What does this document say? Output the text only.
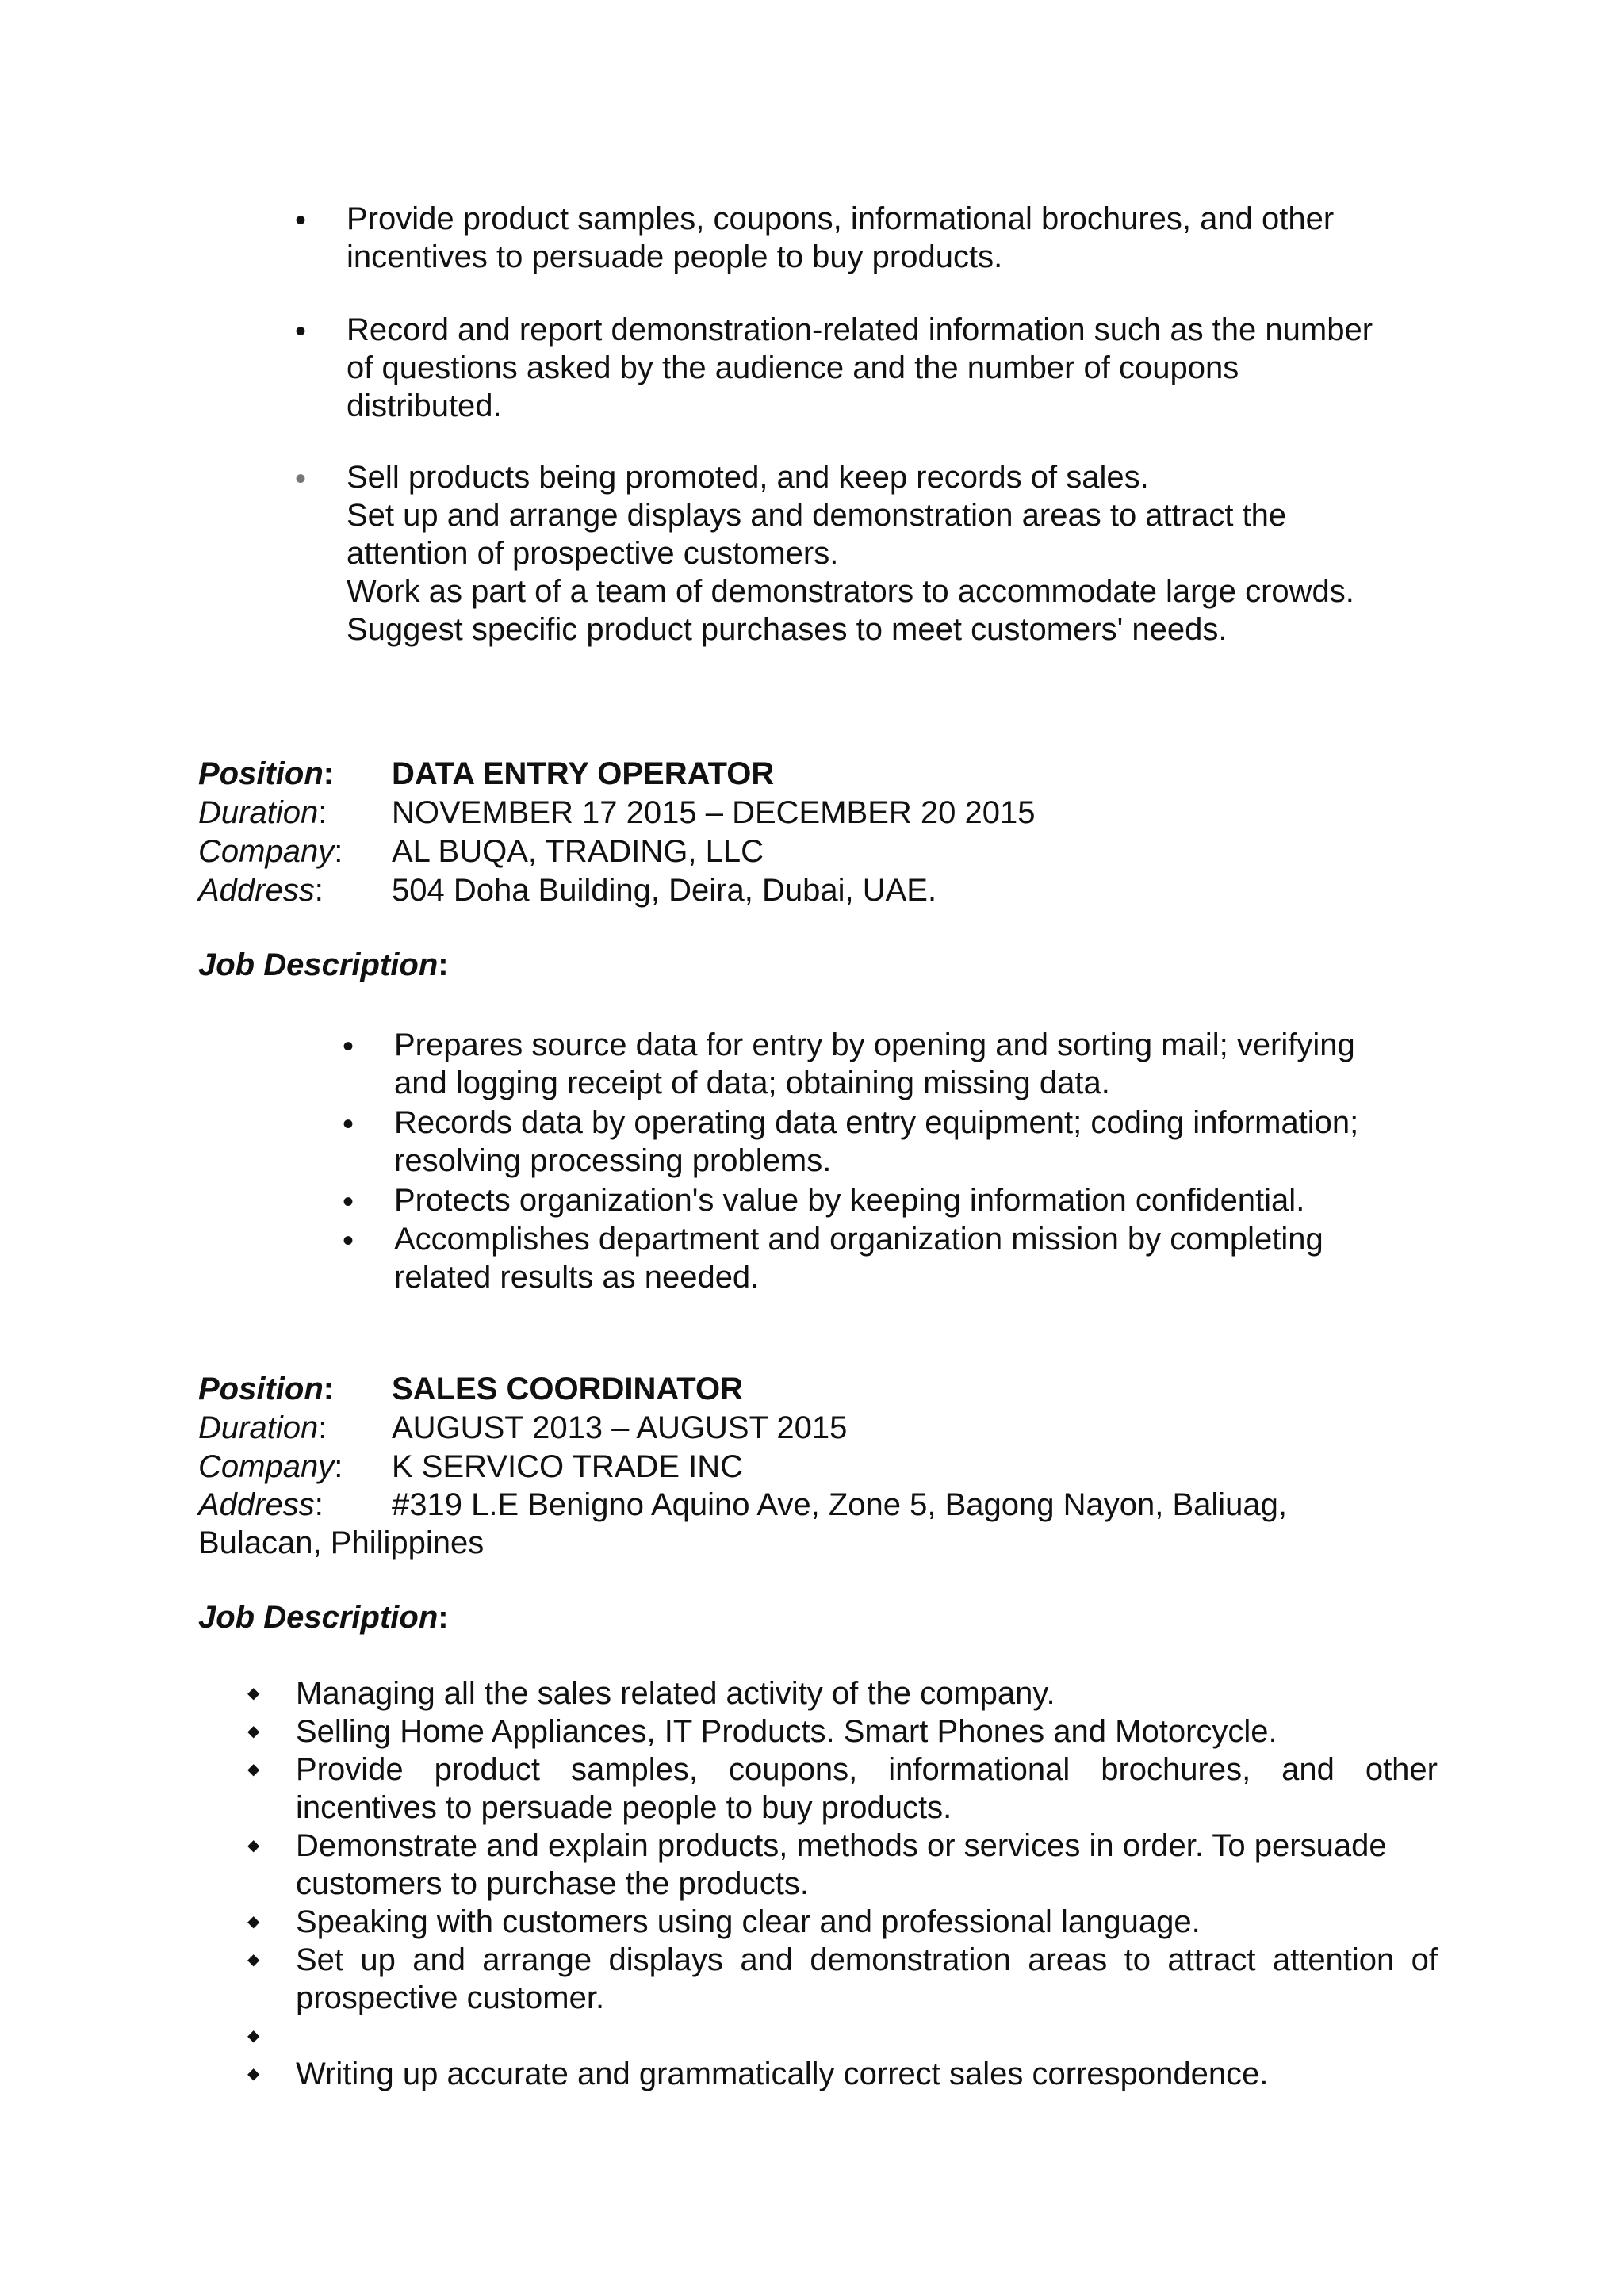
• Provide product samples, coupons, informational brochures, and other
incentives to persuade people to buy products.
• Record and report demonstration-related information such as the number
of questions asked by the audience and the number of coupons
distributed.
• Sell products being promoted, and keep records of sales.
Set up and arrange displays and demonstration areas to attract the
attention of prospective customers.
Work as part of a team of demonstrators to accommodate large crowds.
Suggest specific product purchases to meet customers' needs.
Position: DATA ENTRY OPERATOR
Duration: NOVEMBER 17 2015 – DECEMBER 20 2015
Company: AL BUQA, TRADING, LLC
Address: 504 Doha Building, Deira, Dubai, UAE.
Job Description:
• Prepares source data for entry by opening and sorting mail; verifying
and logging receipt of data; obtaining missing data.
• Records data by operating data entry equipment; coding information;
resolving processing problems.
• Protects organization's value by keeping information confidential.
• Accomplishes department and organization mission by completing
related results as needed.
Position: SALES COORDINATOR
Duration: AUGUST 2013 – AUGUST 2015
Company: K SERVICO TRADE INC
Address: #319 L.E Benigno Aquino Ave, Zone 5, Bagong Nayon, Baliuag,
Bulacan, Philippines
Job Description:
◆ Managing all the sales related activity of the company.
◆ Selling Home Appliances, IT Products. Smart Phones and Motorcycle.
◆ Provide product samples, coupons, informational brochures, and other
incentives to persuade people to buy products.
◆ Demonstrate and explain products, methods or services in order. To persuade
customers to purchase the products.
◆ Speaking with customers using clear and professional language.
◆ Set up and arrange displays and demonstration areas to attract attention of
prospective customer.
◆
◆ Writing up accurate and grammatically correct sales correspondence.
